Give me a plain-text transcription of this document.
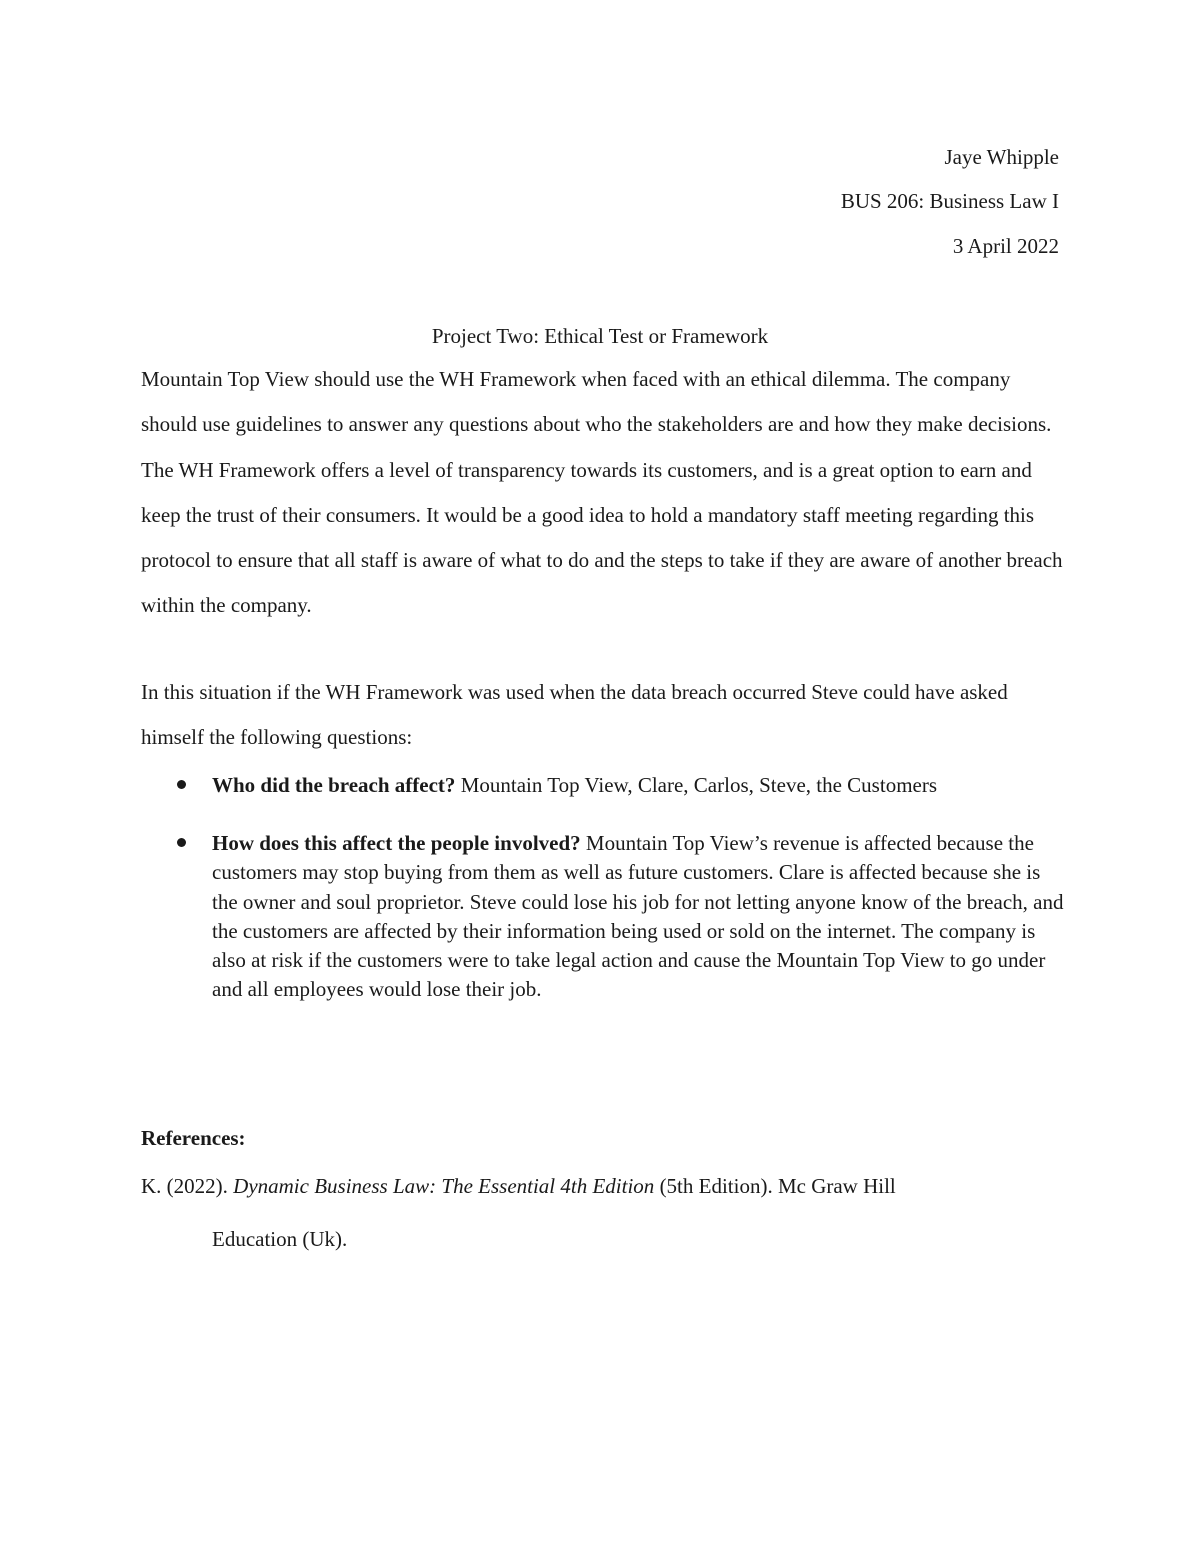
Jaye Whipple
BUS 206: Business Law I
3 April 2022
Project Two: Ethical Test or Framework

Mountain Top View should use the WH Framework when faced with an ethical dilemma. The company should use guidelines to answer any questions about who the stakeholders are and how they make decisions. The WH Framework offers a level of transparency towards its customers, and is a great option to earn and keep the trust of their consumers. It would be a good idea to hold a mandatory staff meeting regarding this protocol to ensure that all staff is aware of what to do and the steps to take if they are aware of another breach within the company.

In this situation if the WH Framework was used when the data breach occurred Steve could have asked himself the following questions:

Who did the breach affect? Mountain Top View, Clare, Carlos, Steve, the Customers
How does this affect the people involved? Mountain Top View’s revenue is affected because the customers may stop buying from them as well as future customers. Clare is affected because she is the owner and soul proprietor. Steve could lose his job for not letting anyone know of the breach, and the customers are affected by their information being used or sold on the internet. The company is also at risk if the customers were to take legal action and cause the Mountain Top View to go under and all employees would lose their job.
References:
K. (2022). Dynamic Business Law: The Essential 4th Edition (5th Edition). Mc Graw Hill
Education (Uk).
